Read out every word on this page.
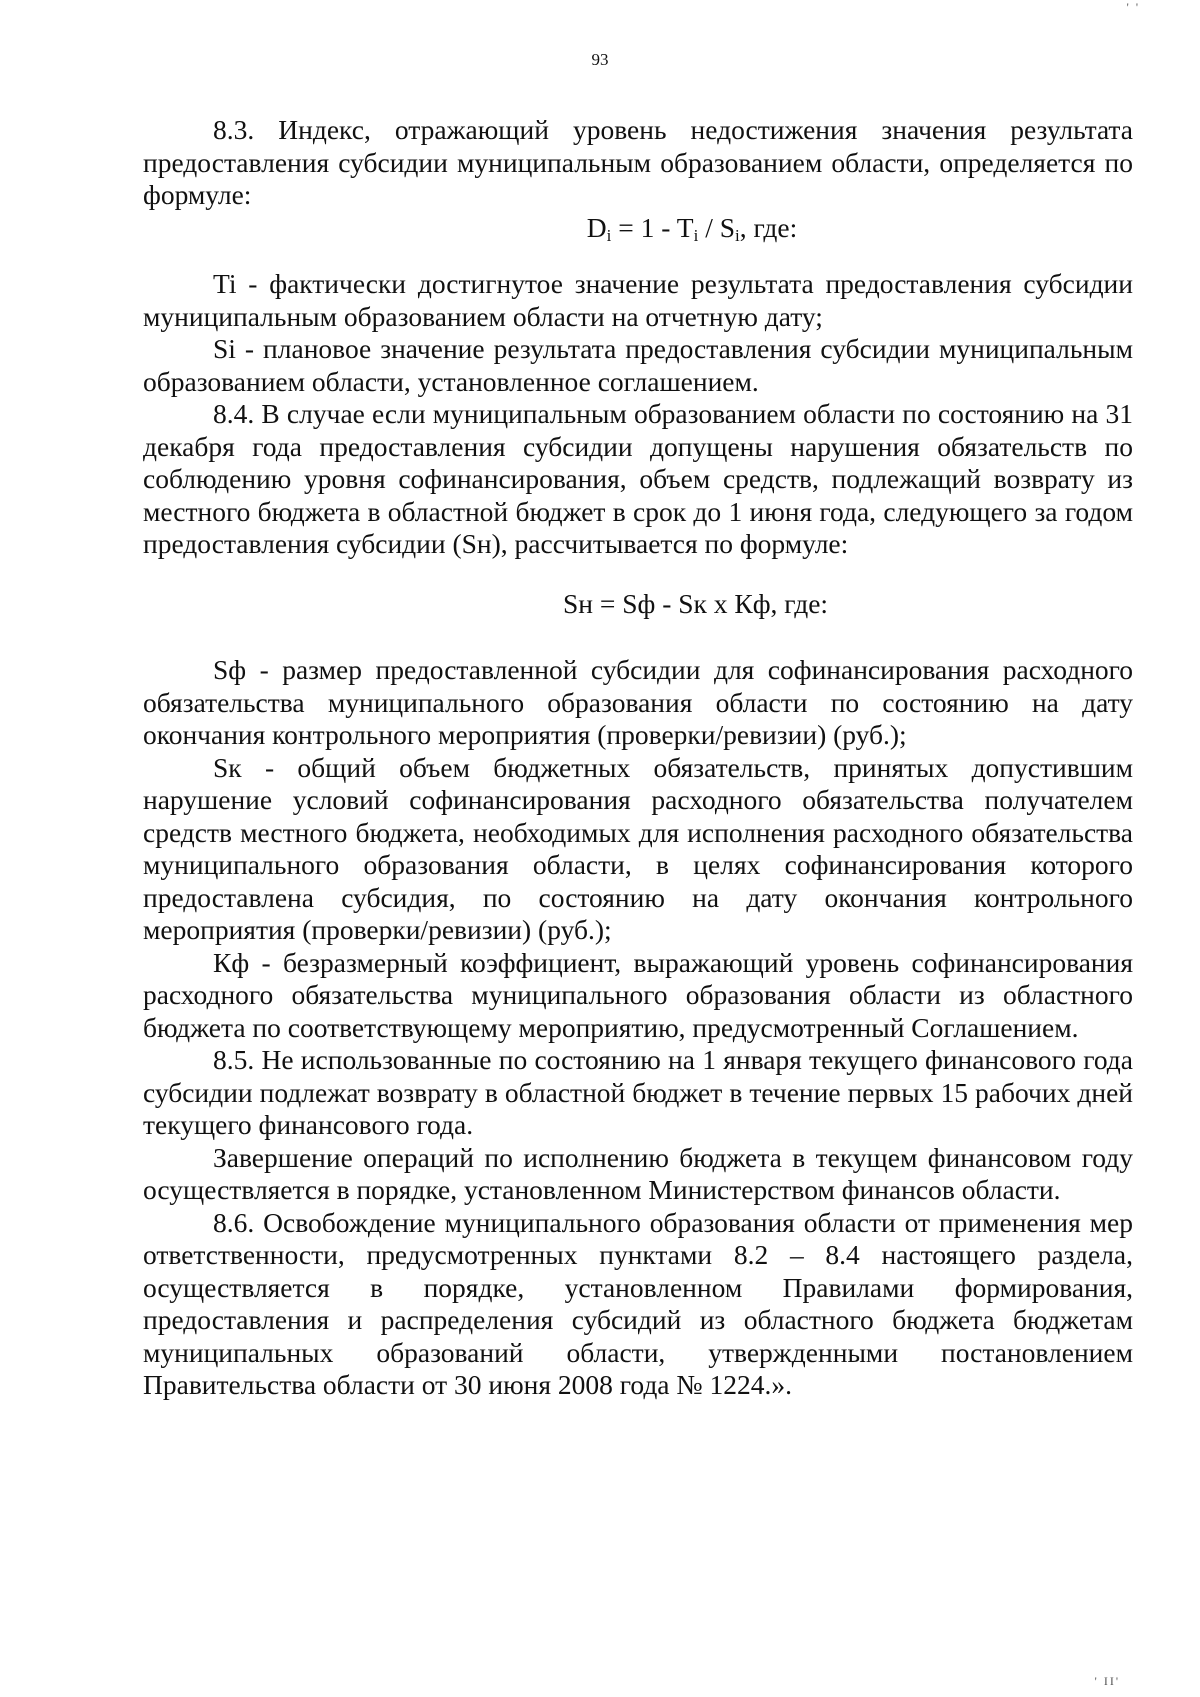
' '
93

8.3. Индекс, отражающий уровень недостижения значения результата предоставления субсидии муниципальным образованием области, определяется по формуле:

$D_i = 1 - T_i / S_i$, где:

Ti - фактически достигнутое значение результата предоставления субсидии муниципальным образованием области на отчетную дату;

Si - плановое значение результата предоставления субсидии муниципальным образованием области, установленное соглашением.

8.4. В случае если муниципальным образованием области по состоянию на 31 декабря года предоставления субсидии допущены нарушения обязательств по соблюдению уровня софинансирования, объем средств, подлежащий возврату из местного бюджета в областной бюджет в срок до 1 июня года, следующего за годом предоставления субсидии (Sн), рассчитывается по формуле:

Sн = Sф - Sк х Кф, где:

Sф - размер предоставленной субсидии для софинансирования расходного обязательства муниципального образования области по состоянию на дату окончания контрольного мероприятия (проверки/ревизии) (руб.);

Sк - общий объем бюджетных обязательств, принятых допустившим нарушение условий софинансирования расходного обязательства получателем средств местного бюджета, необходимых для исполнения расходного обязательства муниципального образования области, в целях софинансирования которого предоставлена субсидия, по состоянию на дату окончания контрольного мероприятия (проверки/ревизии) (руб.);

Кф - безразмерный коэффициент, выражающий уровень софинансирования расходного обязательства муниципального образования области из областного бюджета по соответствующему мероприятию, предусмотренный Соглашением.

8.5. Не использованные по состоянию на 1 января текущего финансового года субсидии подлежат возврату в областной бюджет в течение первых 15 рабочих дней текущего финансового года.

Завершение операций по исполнению бюджета в текущем финансовом году осуществляется в порядке, установленном Министерством финансов области.

8.6. Освобождение муниципального образования области от применения мер ответственности, предусмотренных пунктами 8.2 – 8.4 настоящего раздела, осуществляется в порядке, установленном Правилами формирования, предоставления и распределения субсидий из областного бюджета бюджетам муниципальных образований области, утвержденными постановлением Правительства области от 30 июня 2008 года № 1224.».

' II'
